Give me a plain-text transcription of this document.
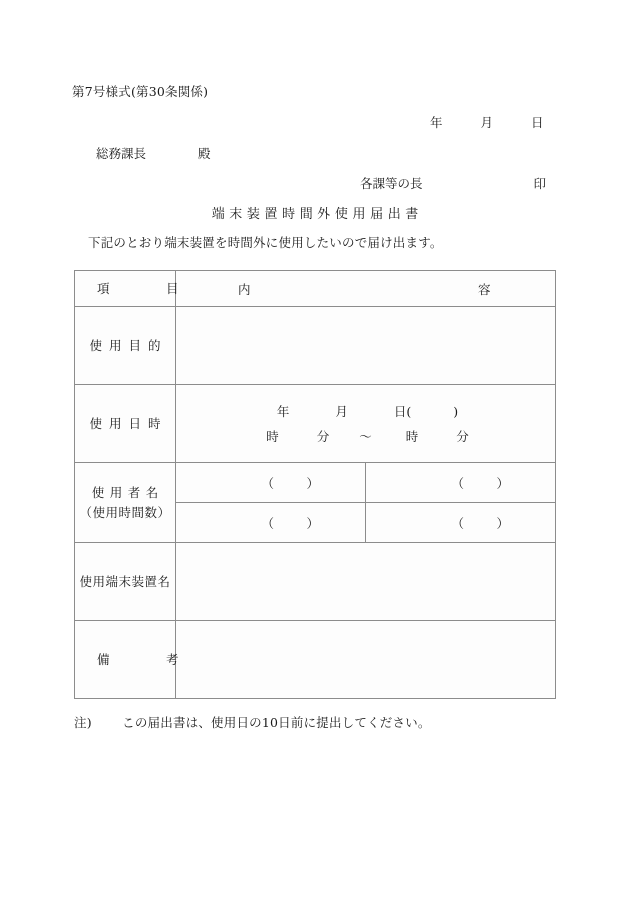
第7号様式(第30条関係)
年	月	日
総務課長	殿
各課等の長	印
端末装置時間外使用届出書
下記のとおり端末装置を時間外に使用したいので届け出ます。
項　目	内 容	

使用目的		

使用日時	年 月 日( )
時 分 ～ 時 分	

使用者名
（使用時間数）	（　）	（　）

	（　）	（　）

使用端末装置名		

備　考		

注) この届出書は、使用日の10日前に提出してください。
